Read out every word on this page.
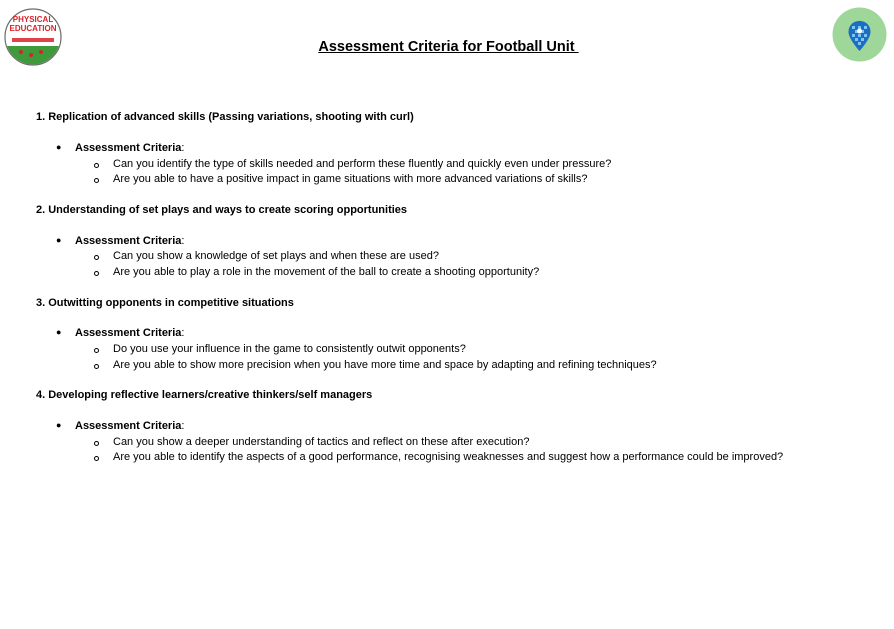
PHYSICAL
EDUCATION
Assessment Criteria for Football Unit
1. Replication of advanced skills (Passing variations, shooting with curl)
● Assessment Criteria:
Can you identify the type of skills needed and perform these fluently and quickly even under pressure?
Are you able to have a positive impact in game situations with more advanced variations of skills?
2. Understanding of set plays and ways to create scoring opportunities
● Assessment Criteria:
Can you show a knowledge of set plays and when these are used?
Are you able to play a role in the movement of the ball to create a shooting opportunity?
3. Outwitting opponents in competitive situations
● Assessment Criteria:
Do you use your influence in the game to consistently outwit opponents?
Are you able to show more precision when you have more time and space by adapting and refining techniques?
4. Developing reflective learners/creative thinkers/self managers
● Assessment Criteria:
Can you show a deeper understanding of tactics and reflect on these after execution?
Are you able to identify the aspects of a good performance, recognising weaknesses and suggest how a performance could be improved?
